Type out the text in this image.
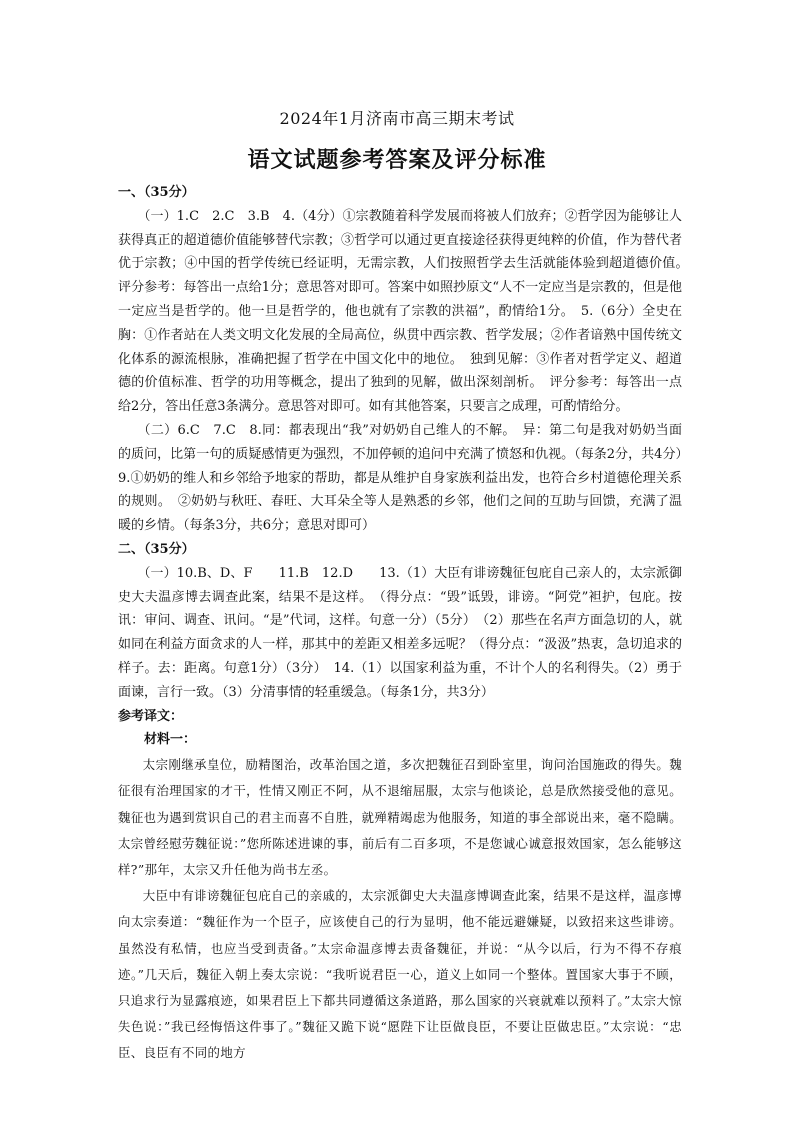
2024年1月济南市高三期末考试
语文试题参考答案及评分标准

一、（35分）

（一）1.C　2.C　3.B　4.（4分）①宗教随着科学发展而将被人们放弃；②哲学因为能够让人获得真正的超道德价值能够替代宗教；③哲学可以通过更直接途径获得更纯粹的价值，作为替代者优于宗教；④中国的哲学传统已经证明，无需宗教，人们按照哲学去生活就能体验到超道德价值。　评分参考：每答出一点给1分；意思答对即可。答案中如照抄原文“人不一定应当是宗教的，但是他一定应当是哲学的。他一旦是哲学的，他也就有了宗教的洪福”，酌情给1分。　5.（6分）全史在胸：①作者站在人类文明文化发展的全局高位，纵贯中西宗教、哲学发展；②作者谙熟中国传统文化体系的源流根脉，准确把握了哲学在中国文化中的地位。　独到见解：③作者对哲学定义、超道德的价值标准、哲学的功用等概念，提出了独到的见解，做出深刻剖析。　评分参考：每答出一点给2分，答出任意3条满分。意思答对即可。如有其他答案，只要言之成理，可酌情给分。

（二）6.C　7.C　8.同：都表现出“我”对奶奶自己维人的不解。　异：第二句是我对奶奶当面的质问，比第一句的质疑感情更为强烈，不加停顿的追问中充满了愤怒和仇视。（每条2分，共4分）　9.①奶奶的维人和乡邻给予地家的帮助，都是从维护自身家族利益出发，也符合乡村道德伦理关系的规则。　②奶奶与秋旺、春旺、大耳朵全等人是熟悉的乡邻，他们之间的互助与回馈，充满了温暖的乡情。（每条3分，共6分；意思对即可）

二、（35分）

（一）10.B、D、F　　11.B　12.D　　13.（1）大臣有诽谤魏征包庇自己亲人的，太宗派御史大夫温彦博去调查此案，结果不是这样。　（得分点：“毁”诋毁，诽谤。“阿党”袒护，包庇。按讯：审问、调查、讯问。“是”代词，这样。句意一分）（5分）　（2）那些在名声方面急切的人，就如同在利益方面贪求的人一样，那其中的差距又相差多远呢？（得分点：“汲汲”热衷，急切追求的样子。去：距离。句意1分）（3分）　14.（1）以国家利益为重，不计个人的名利得失。（2）勇于面谏，言行一致。（3）分清事情的轻重缓急。（每条1分，共3分）

参考译文：

材料一：

太宗刚继承皇位，励精图治，改革治国之道，多次把魏征召到卧室里，询问治国施政的得失。魏征很有治理国家的才干，性情又刚正不阿，从不退缩屈服，太宗与他谈论，总是欣然接受他的意见。魏征也为遇到赏识自己的君主而喜不自胜，就殚精竭虑为他服务，知道的事全部说出来，毫不隐瞒。太宗曾经慰劳魏征说：”您所陈述进谏的事，前后有二百多项，不是您诚心诚意报效国家，怎么能够这样?”那年，太宗又升任他为尚书左丞。

大臣中有诽谤魏征包庇自己的亲戚的，太宗派御史大夫温彦博调查此案，结果不是这样，温彦博向太宗奏道：“魏征作为一个臣子，应该使自己的行为显明，他不能远避嫌疑，以致招来这些诽谤。虽然没有私情，也应当受到责备。”太宗命温彦博去责备魏征，并说：“从今以后，行为不得不存痕迹。”几天后，魏征入朝上奏太宗说：“我听说君臣一心，道义上如同一个整体。置国家大事于不顾，只追求行为显露痕迹，如果君臣上下都共同遵循这条道路，那么国家的兴衰就难以预料了。”太宗大惊失色说：”我已经悔悟这件事了。”魏征又跪下说“愿陛下让臣做良臣，不要让臣做忠臣。”太宗说：“忠臣、良臣有不同的地方
